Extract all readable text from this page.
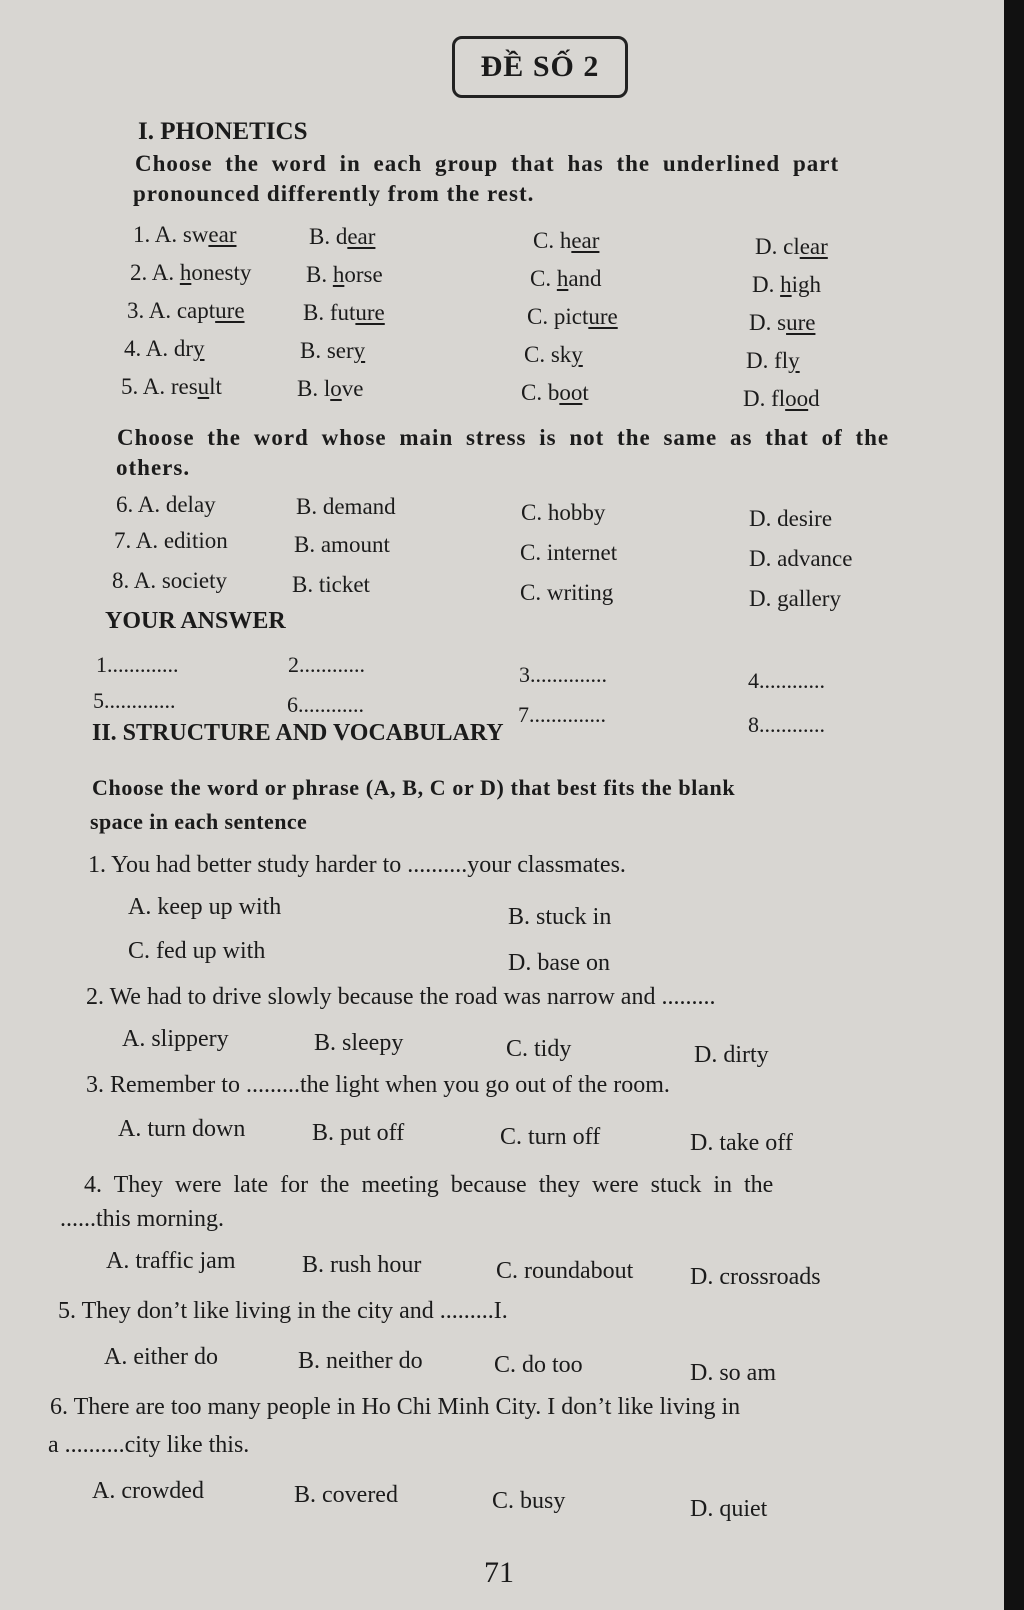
ĐỀ SỐ 2
I. PHONETICS
Choose the word in each group that has the underlined part
pronounced differently from the rest.
1. A. swear	B. dear	C. hear	D. clear
2. A. honesty B. horse	C. hand	D. high
3. A. capture	B. future	C. picture	D. sure
4. A. dry	B. sery	C. sky	D. fly
5. A. result	B. love	C. boot	D. flood
Choose the word whose main stress is not the same as that of the
others.
6. A. delay	B. demand	C. hobby	D. desire
7. A. edition	B. amount	C. internet	D. advance
8. A. society	B. ticket	C. writing	D. gallery
YOUR ANSWER
1.............	2............	3..............	4............
5.............	6............	7..............	8............
II. STRUCTURE AND VOCABULARY
Choose the word or phrase (A, B, C or D) that best fits the blank
space in each sentence
1. You had better study harder to ..........your classmates.
A. keep up with	B. stuck in
C. fed up with	D. base on
2. We had to drive slowly because the road was narrow and .........
A. slippery	B. sleepy	C. tidy	D. dirty
3. Remember to .........the light when you go out of the room.
A. turn down	B. put off	C. turn off	D. take off
4. They were late for the meeting because they were stuck in the
......this morning.
A. traffic jam	B. rush hour	C. roundabout D. crossroads
5. They don’t like living in the city and .........I.
A. either do	B. neither do	C. do too	D. so am
6. There are too many people in Ho Chi Minh City. I don’t like living in
a ..........city like this.
A. crowded	B. covered	C. busy	D. quiet
71
